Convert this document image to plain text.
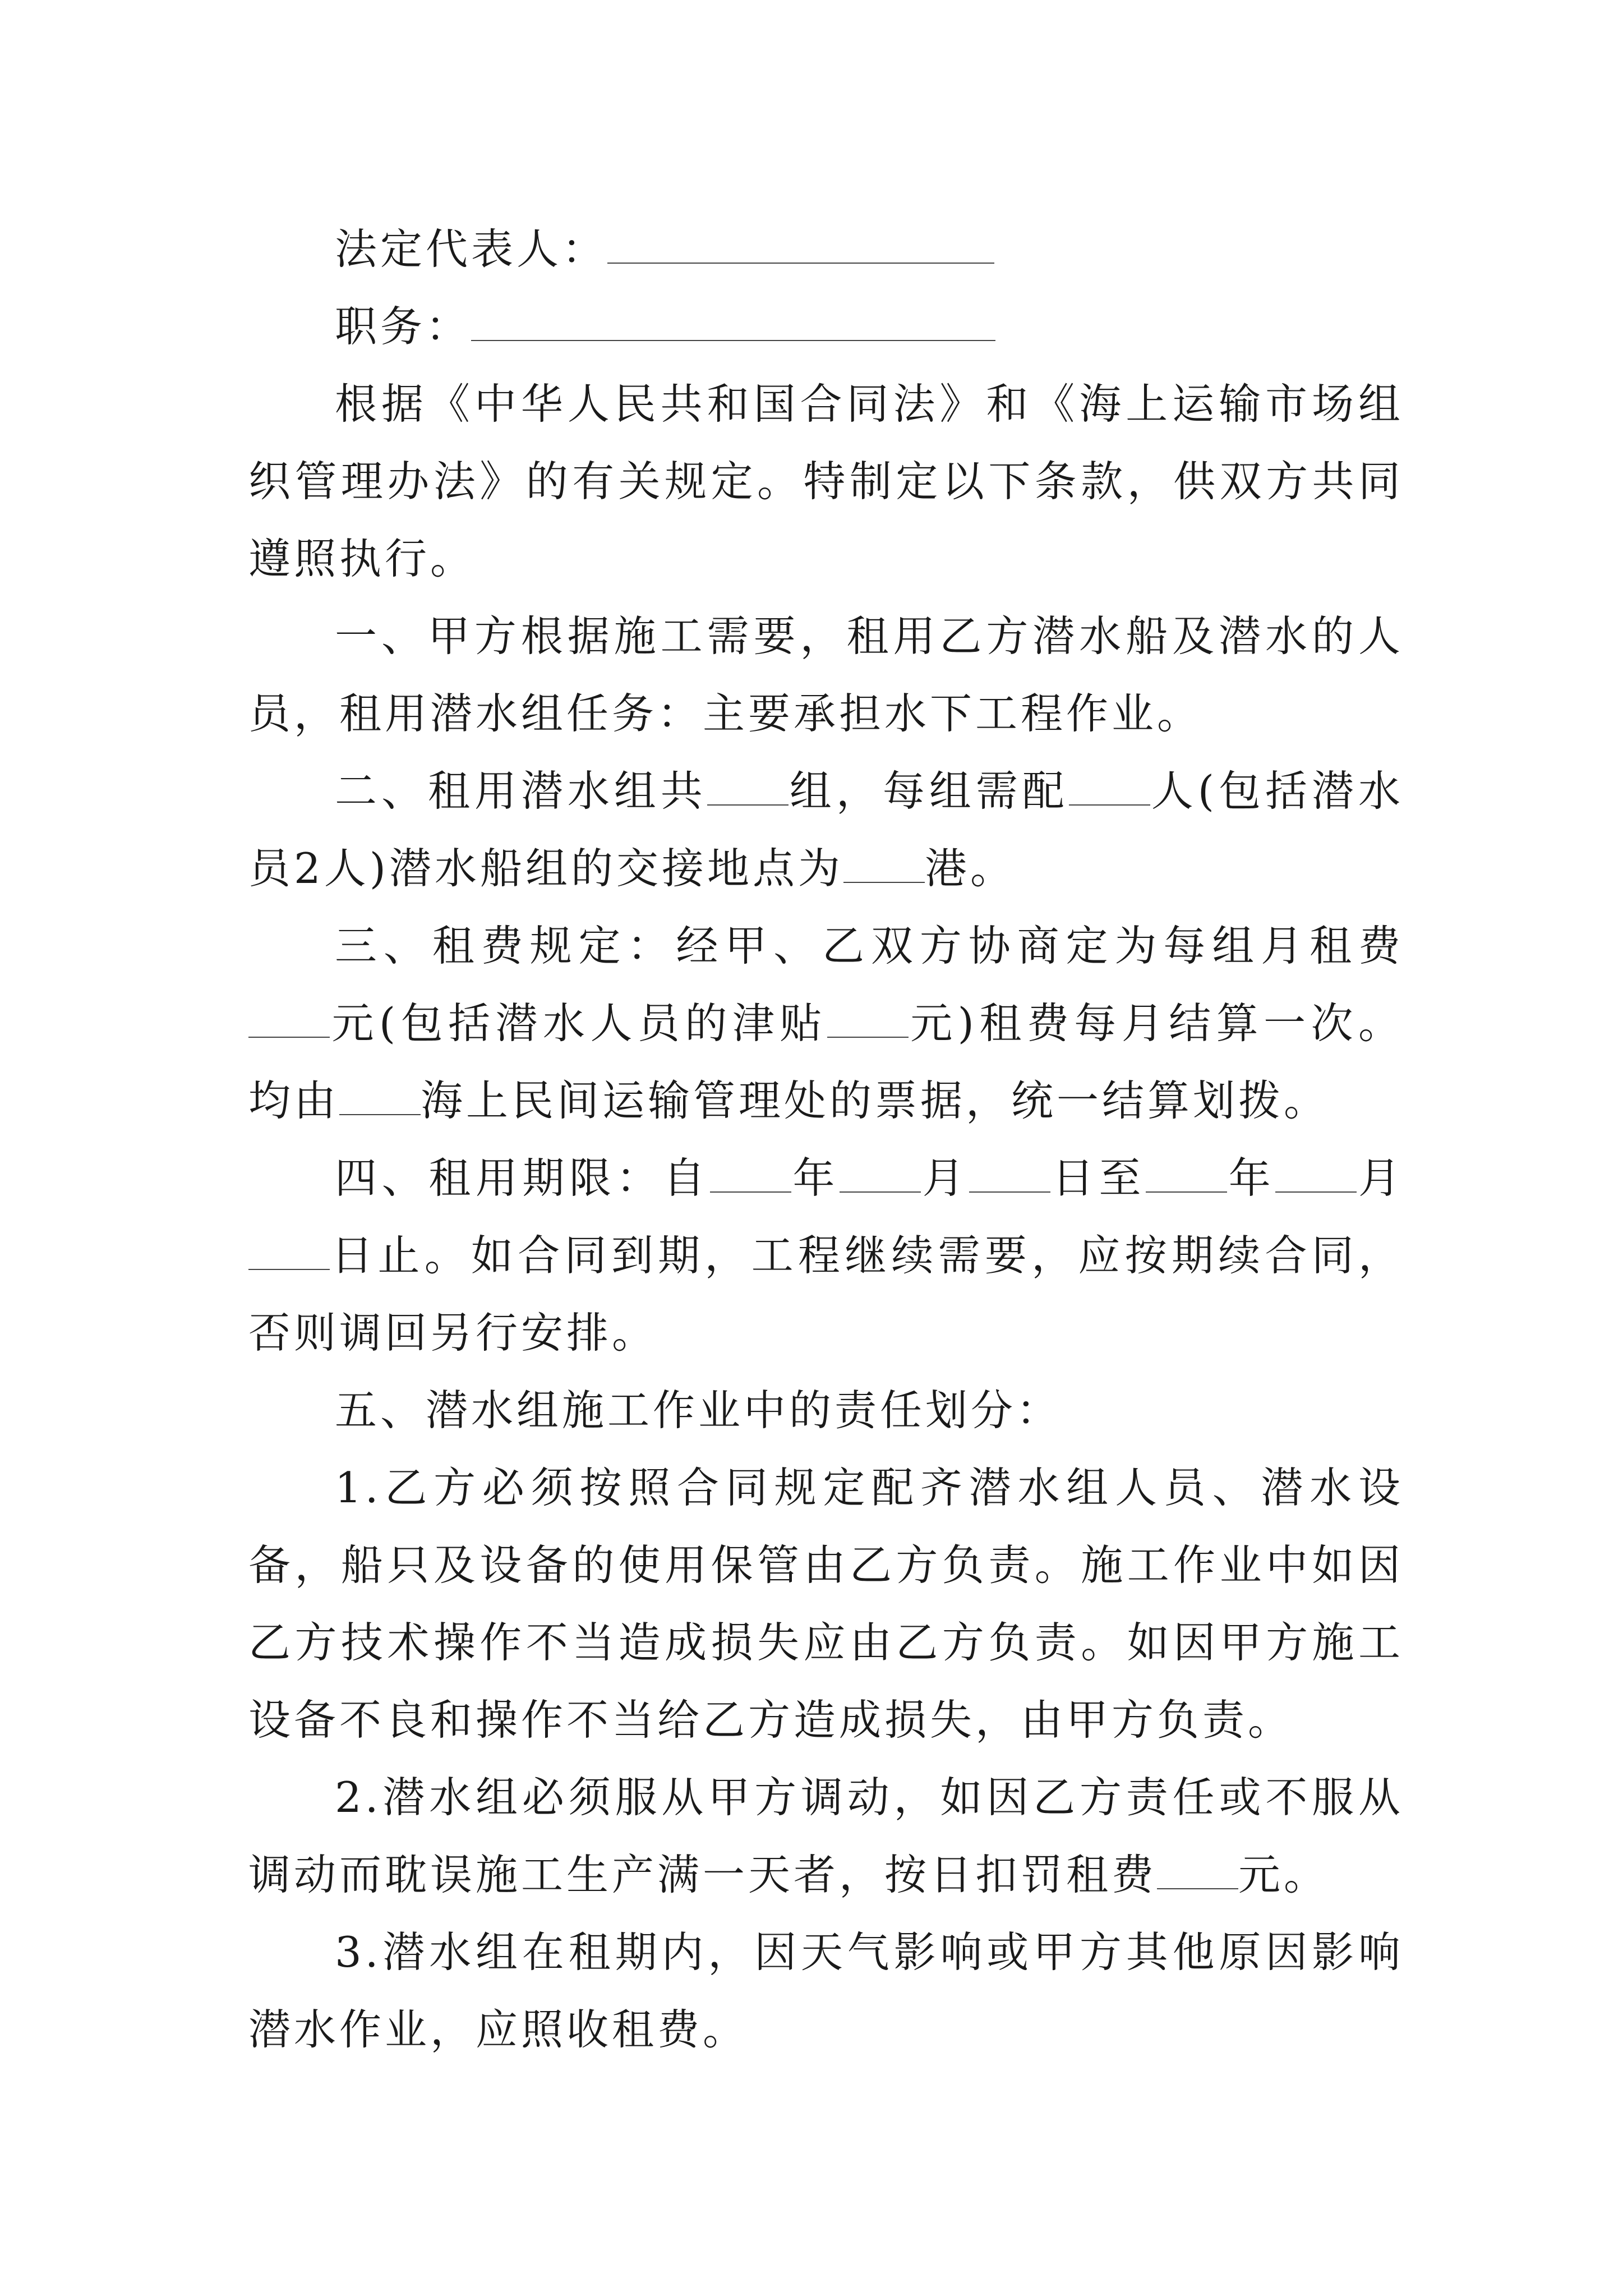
法定代表人：

职务：

根据《中华人民共和国合同法》和《海上运输市场组织管理办法》的有关规定。特制定以下条款，供双方共同遵照执行。

一、甲方根据施工需要，租用乙方潜水船及潜水的人员，租用潜水组任务：主要承担水下工程作业。

二、租用潜水组共 组，每组需配 人(包括潜水员2人)潜水船组的交接地点为 港。

三、租费规定：经甲、乙双方协商定为每组月租费元(包括潜水人员的津贴 元)租费每月结算一次。均由 海上民间运输管理处的票据，统一结算划拨。

四、租用期限：自 年 月 日至 年 月日止。如合同到期，工程继续需要，应按期续合同，否则调回另行安排。

五、潜水组施工作业中的责任划分：

1.乙方必须按照合同规定配齐潜水组人员、潜水设备，船只及设备的使用保管由乙方负责。施工作业中如因乙方技术操作不当造成损失应由乙方负责。如因甲方施工设备不良和操作不当给乙方造成损失，由甲方负责。

2.潜水组必须服从甲方调动，如因乙方责任或不服从调动而耽误施工生产满一天者，按日扣罚租费 元。

3.潜水组在租期内，因天气影响或甲方其他原因影响潜水作业，应照收租费。
